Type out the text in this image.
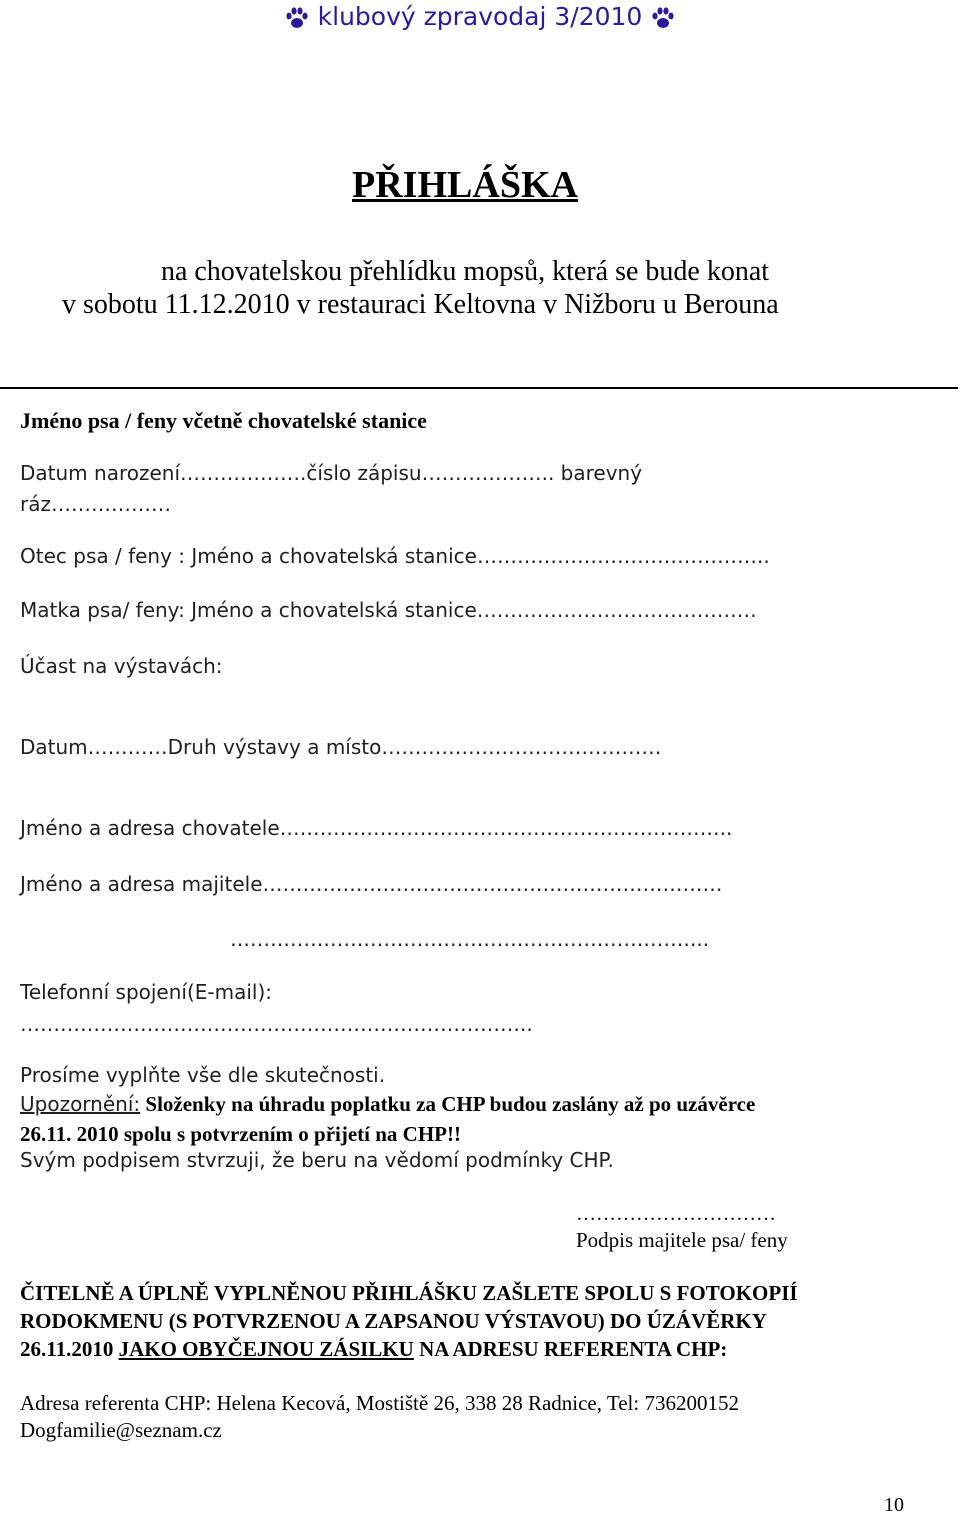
klubový zpravodaj 3/2010
PŘIHLÁŠKA
na chovatelskou přehlídku mopsů, která se bude konat
v sobotu 11.12.2010 v restauraci Keltovna v Nižboru u Berouna
Jméno psa / feny včetně chovatelské stanice
Datum narození……………….číslo zápisu……………….. barevný
ráz………………
Otec psa / feny : Jméno a chovatelská stanice……………………………………..
Matka psa/ feny: Jméno a chovatelská stanice……………………………………
Účast na výstavách:
Datum…………Druh výstavy a místo……………………………………
Jméno a adresa chovatele…………………………………………………………..
Jméno a adresa majitele……………………………………………………………
……………………………………………………………...
Telefonní spojení(E-mail):
…………………………………………………………………..
Prosíme vyplňte vše dle skutečnosti.
Upozornění: Složenky na úhradu poplatku za CHP budou zaslány až po uzávěrce
26.11. 2010 spolu s potvrzením o přijetí na CHP!!
Svým podpisem stvrzuji, že beru na vědomí podmínky CHP.
…………………………
Podpis majitele psa/ feny
ČITELNĚ A ÚPLNĚ VYPLNĚNOU PŘIHLÁŠKU ZAŠLETE SPOLU S FOTOKOPIÍ
RODOKMENU (S POTVRZENOU A ZAPSANOU VÝSTAVOU) DO ÚZÁVĚRKY
26.11.2010 JAKO OBYČEJNOU ZÁSILKU NA ADRESU REFERENTA CHP:
Adresa referenta CHP: Helena Kecová, Mostiště 26, 338 28 Radnice, Tel: 736200152
Dogfamilie@seznam.cz
10
